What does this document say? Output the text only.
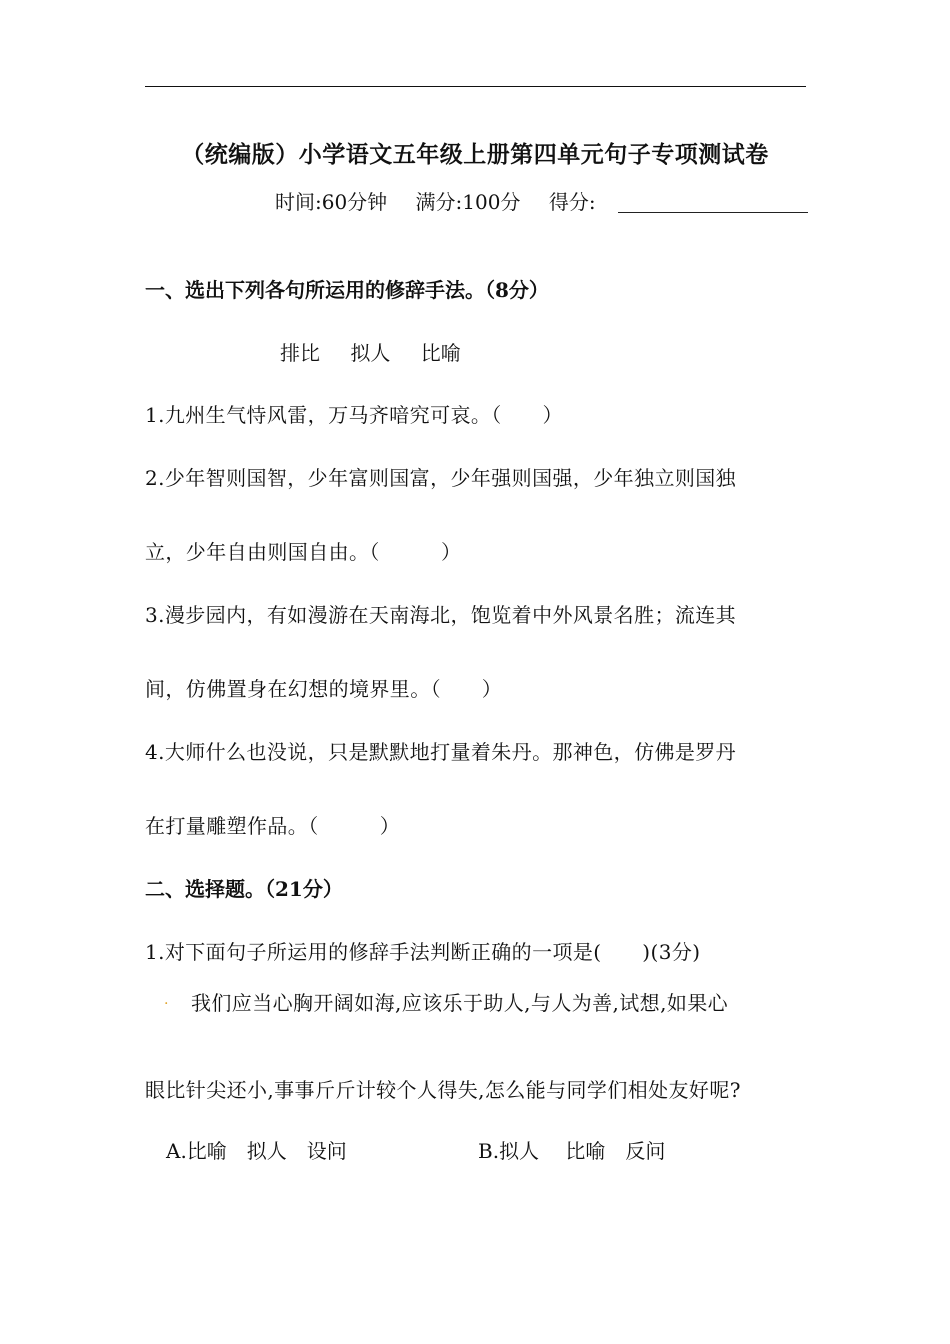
（统编版）小学语文五年级上册第四单元句子专项测试卷
时间:60分钟 满分:100分 得分:
一、选出下列各句所运用的修辞手法。（8分）
排比 拟人 比喻
1.九州生气恃风雷，万马齐喑究可哀。（　　）
2.少年智则国智，少年富则国富，少年强则国强，少年独立则国独
立，少年自由则国自由。（　　　）
3.漫步园内，有如漫游在天南海北，饱览着中外风景名胜；流连其
间，仿佛置身在幻想的境界里。（　　）
4.大师什么也没说，只是默默地打量着朱丹。那神色，仿佛是罗丹
在打量雕塑作品。（　　　）
二、选择题。（21分）
1.对下面句子所运用的修辞手法判断正确的一项是(　　)(3分)
. 我们应当心胸开阔如海,应该乐于助人,与人为善,试想,如果心
眼比针尖还小,事事斤斤计较个人得失,怎么能与同学们相处友好呢?
A.比喻　拟人　设问	B.拟人　 比喻　反问
